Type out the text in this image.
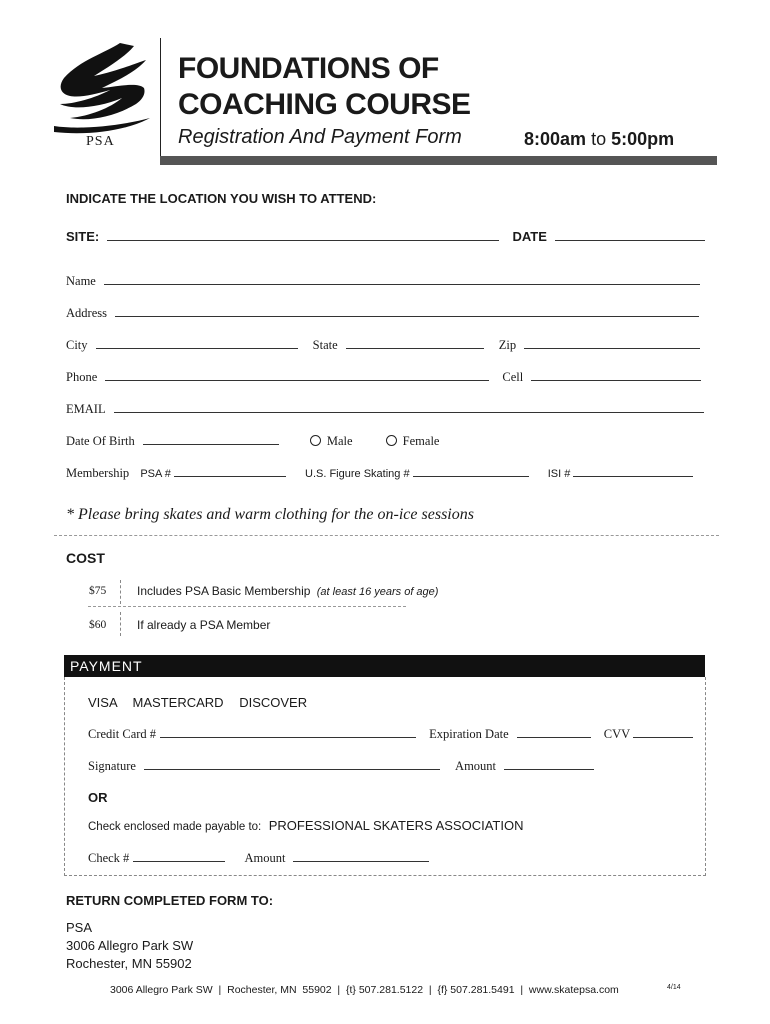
PSA
FOUNDATIONS OF
COACHING COURSE
Registration And Payment Form	8:00am to 5:00pm
INDICATE THE LOCATION YOU WISH TO ATTEND:
SITE:	DATE
Name
Address
City	State	Zip
Phone	Cell
EMAIL
Date Of Birth	Male	Female
Membership PSA #	U.S. Figure Skating #	ISI #
* Please bring skates and warm clothing for the on-ice sessions
COST
$75	Includes PSA Basic Membership (at least 16 years of age)
$60	If already a PSA Member
PAYMENT
VISA MASTERCARD DISCOVER
Credit Card #	Expiration Date	CVV
Signature	Amount
OR
Check enclosed made payable to: PROFESSIONAL SKATERS ASSOCIATION
Check #	Amount
RETURN COMPLETED FORM TO:
PSA
3006 Allegro Park SW
Rochester, MN 55902
3006 Allegro Park SW  |  Rochester, MN  55902  |  {t} 507.281.5122  |  {f} 507.281.5491  |  www.skatepsa.com	4/14
